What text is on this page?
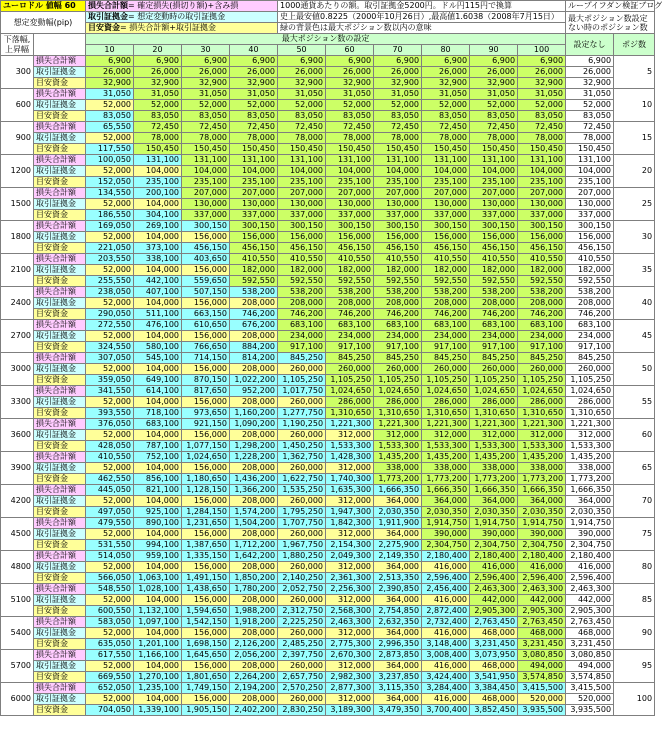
ユーロドル 値幅 60		損失合計額= 確定損失(損切り額)+含み損				1000通貨あたりの額。取引証拠金5200円。ドル円115円で換算						ループイフダン検証ブログ	
想定変動幅(pip)		取引証拠金= 想定変動時の取引証拠金				史上最安値0.8225（2000年10月26日）,最高値1.6038（2008年7月15日）						最大ポジション数設定ない時のポジション数	
		目安資金= 損失合計額+取引証拠金				緑の背景色は最大ポジション数以内の意味							
下落幅,上昇幅		最大ポジション数の設定										設定なし	ポジ数
		10	20	30	40	50	60	70	80	90	100		
300	損失合計額	6,900	6,900	6,900	6,900	6,900	6,900	6,900	6,900	6,900	6,900	6,900	5
	取引証拠金	26,000	26,000	26,000	26,000	26,000	26,000	26,000	26,000	26,000	26,000	26,000	
	目安資金	32,900	32,900	32,900	32,900	32,900	32,900	32,900	32,900	32,900	32,900	32,900	
600	損失合計額	31,050	31,050	31,050	31,050	31,050	31,050	31,050	31,050	31,050	31,050	31,050	10
	取引証拠金	52,000	52,000	52,000	52,000	52,000	52,000	52,000	52,000	52,000	52,000	52,000	
	目安資金	83,050	83,050	83,050	83,050	83,050	83,050	83,050	83,050	83,050	83,050	83,050	
900	損失合計額	65,550	72,450	72,450	72,450	72,450	72,450	72,450	72,450	72,450	72,450	72,450	15
	取引証拠金	52,000	78,000	78,000	78,000	78,000	78,000	78,000	78,000	78,000	78,000	78,000	
	目安資金	117,550	150,450	150,450	150,450	150,450	150,450	150,450	150,450	150,450	150,450	150,450	
1200	損失合計額	100,050	131,100	131,100	131,100	131,100	131,100	131,100	131,100	131,100	131,100	131,100	20
	取引証拠金	52,000	104,000	104,000	104,000	104,000	104,000	104,000	104,000	104,000	104,000	104,000	
	目安資金	152,050	235,100	235,100	235,100	235,100	235,100	235,100	235,100	235,100	235,100	235,100	
1500	損失合計額	134,550	200,100	207,000	207,000	207,000	207,000	207,000	207,000	207,000	207,000	207,000	25
	取引証拠金	52,000	104,000	130,000	130,000	130,000	130,000	130,000	130,000	130,000	130,000	130,000	
	目安資金	186,550	304,100	337,000	337,000	337,000	337,000	337,000	337,000	337,000	337,000	337,000	
1800	損失合計額	169,050	269,100	300,150	300,150	300,150	300,150	300,150	300,150	300,150	300,150	300,150	30
	取引証拠金	52,000	104,000	156,000	156,000	156,000	156,000	156,000	156,000	156,000	156,000	156,000	
	目安資金	221,050	373,100	456,150	456,150	456,150	456,150	456,150	456,150	456,150	456,150	456,150	
2100	損失合計額	203,550	338,100	403,650	410,550	410,550	410,550	410,550	410,550	410,550	410,550	410,550	35
	取引証拠金	52,000	104,000	156,000	182,000	182,000	182,000	182,000	182,000	182,000	182,000	182,000	
	目安資金	255,550	442,100	559,650	592,550	592,550	592,550	592,550	592,550	592,550	592,550	592,550	
2400	損失合計額	238,050	407,100	507,150	538,200	538,200	538,200	538,200	538,200	538,200	538,200	538,200	40
	取引証拠金	52,000	104,000	156,000	208,000	208,000	208,000	208,000	208,000	208,000	208,000	208,000	
	目安資金	290,050	511,100	663,150	746,200	746,200	746,200	746,200	746,200	746,200	746,200	746,200	
2700	損失合計額	272,550	476,100	610,650	676,200	683,100	683,100	683,100	683,100	683,100	683,100	683,100	45
	取引証拠金	52,000	104,000	156,000	208,000	234,000	234,000	234,000	234,000	234,000	234,000	234,000	
	目安資金	324,550	580,100	766,650	884,200	917,100	917,100	917,100	917,100	917,100	917,100	917,100	
3000	損失合計額	307,050	545,100	714,150	814,200	845,250	845,250	845,250	845,250	845,250	845,250	845,250	50
	取引証拠金	52,000	104,000	156,000	208,000	260,000	260,000	260,000	260,000	260,000	260,000	260,000	
	目安資金	359,050	649,100	870,150	1,022,200	1,105,250	1,105,250	1,105,250	1,105,250	1,105,250	1,105,250	1,105,250	
3300	損失合計額	341,550	614,100	817,650	952,200	1,017,750	1,024,650	1,024,650	1,024,650	1,024,650	1,024,650	1,024,650	55
	取引証拠金	52,000	104,000	156,000	208,000	260,000	286,000	286,000	286,000	286,000	286,000	286,000	
	目安資金	393,550	718,100	973,650	1,160,200	1,277,750	1,310,650	1,310,650	1,310,650	1,310,650	1,310,650	1,310,650	
3600	損失合計額	376,050	683,100	921,150	1,090,200	1,190,250	1,221,300	1,221,300	1,221,300	1,221,300	1,221,300	1,221,300	60
	取引証拠金	52,000	104,000	156,000	208,000	260,000	312,000	312,000	312,000	312,000	312,000	312,000	
	目安資金	428,050	787,100	1,077,150	1,298,200	1,450,250	1,533,300	1,533,300	1,533,300	1,533,300	1,533,300	1,533,300	
3900	損失合計額	410,550	752,100	1,024,650	1,228,200	1,362,750	1,428,300	1,435,200	1,435,200	1,435,200	1,435,200	1,435,200	65
	取引証拠金	52,000	104,000	156,000	208,000	260,000	312,000	338,000	338,000	338,000	338,000	338,000	
	目安資金	462,550	856,100	1,180,650	1,436,200	1,622,750	1,740,300	1,773,200	1,773,200	1,773,200	1,773,200	1,773,200	
4200	損失合計額	445,050	821,100	1,128,150	1,366,200	1,535,250	1,635,300	1,666,350	1,666,350	1,666,350	1,666,350	1,666,350	70
	取引証拠金	52,000	104,000	156,000	208,000	260,000	312,000	364,000	364,000	364,000	364,000	364,000	
	目安資金	497,050	925,100	1,284,150	1,574,200	1,795,250	1,947,300	2,030,350	2,030,350	2,030,350	2,030,350	2,030,350	
4500	損失合計額	479,550	890,100	1,231,650	1,504,200	1,707,750	1,842,300	1,911,900	1,914,750	1,914,750	1,914,750	1,914,750	75
	取引証拠金	52,000	104,000	156,000	208,000	260,000	312,000	364,000	390,000	390,000	390,000	390,000	
	目安資金	531,550	994,100	1,387,650	1,712,200	1,967,750	2,154,300	2,275,900	2,304,750	2,304,750	2,304,750	2,304,750	
4800	損失合計額	514,050	959,100	1,335,150	1,642,200	1,880,250	2,049,300	2,149,350	2,180,400	2,180,400	2,180,400	2,180,400	80
	取引証拠金	52,000	104,000	156,000	208,000	260,000	312,000	364,000	416,000	416,000	416,000	416,000	
	目安資金	566,050	1,063,100	1,491,150	1,850,200	2,140,250	2,361,300	2,513,350	2,596,400	2,596,400	2,596,400	2,596,400	
5100	損失合計額	548,550	1,028,100	1,438,650	1,780,200	2,052,750	2,256,300	2,390,850	2,456,400	2,463,300	2,463,300	2,463,300	85
	取引証拠金	52,000	104,000	156,000	208,000	260,000	312,000	364,000	416,000	442,000	442,000	442,000	
	目安資金	600,550	1,132,100	1,594,650	1,988,200	2,312,750	2,568,300	2,754,850	2,872,400	2,905,300	2,905,300	2,905,300	
5400	損失合計額	583,050	1,097,100	1,542,150	1,918,200	2,225,250	2,463,300	2,632,350	2,732,400	2,763,450	2,763,450	2,763,450	90
	取引証拠金	52,000	104,000	156,000	208,000	260,000	312,000	364,000	416,000	468,000	468,000	468,000	
	目安資金	635,050	1,201,100	1,698,150	2,126,200	2,485,250	2,775,300	2,996,350	3,148,400	3,231,450	3,231,450	3,231,450	
5700	損失合計額	617,550	1,166,100	1,645,650	2,056,200	2,397,750	2,670,300	2,873,850	3,008,400	3,073,950	3,080,850	3,080,850	95
	取引証拠金	52,000	104,000	156,000	208,000	260,000	312,000	364,000	416,000	468,000	494,000	494,000	
	目安資金	669,550	1,270,100	1,801,650	2,264,200	2,657,750	2,982,300	3,237,850	3,424,400	3,541,950	3,574,850	3,574,850	
6000	損失合計額	652,050	1,235,100	1,749,150	2,194,200	2,570,250	2,877,300	3,115,350	3,284,400	3,384,450	3,415,500	3,415,500	100
	取引証拠金	52,000	104,000	156,000	208,000	260,000	312,000	364,000	416,000	468,000	520,000	520,000	
	目安資金	704,050	1,339,100	1,905,150	2,402,200	2,830,250	3,189,300	3,479,350	3,700,400	3,852,450	3,935,500	3,935,500	
